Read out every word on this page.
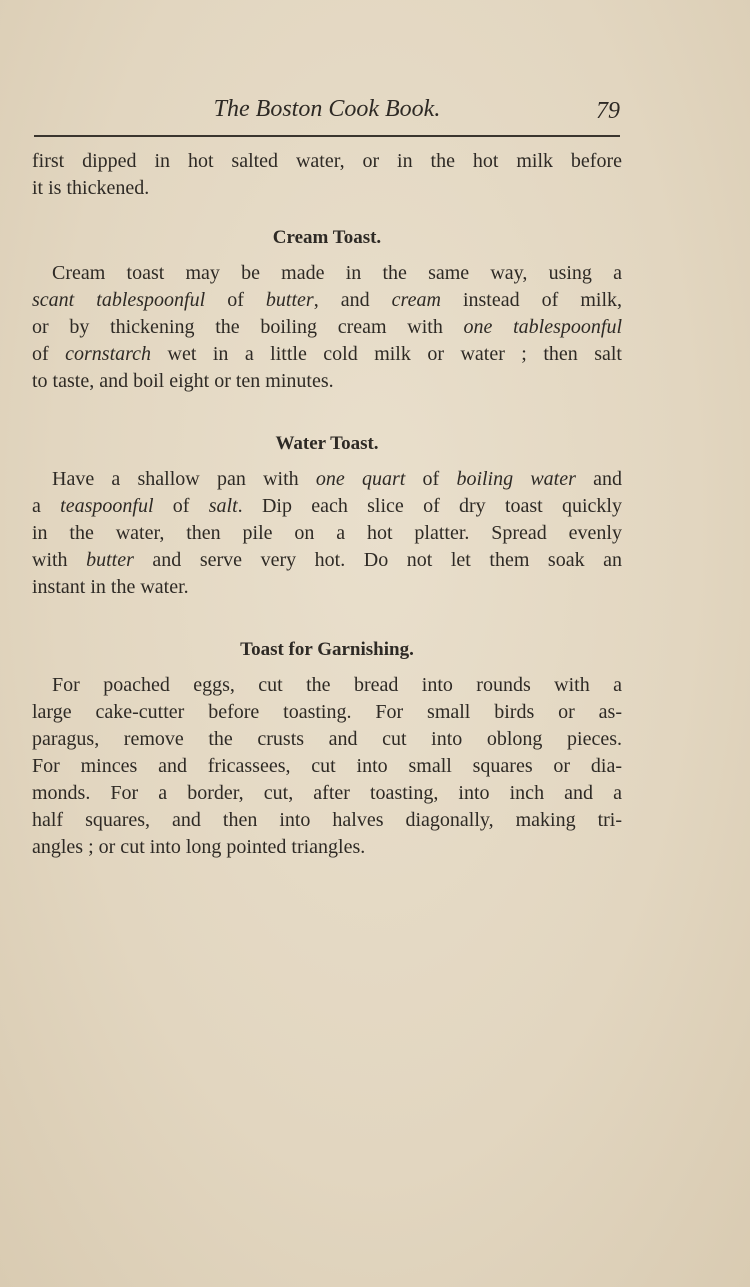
The Boston Cook Book.	79
first dipped in hot salted water, or in the hot milk before
it is thickened.
Cream Toast.
Cream toast may be made in the same way, using a
scant tablespoonful of butter, and cream instead of milk,
or by thickening the boiling cream with one tablespoonful
of cornstarch wet in a little cold milk or water ; then salt
to taste, and boil eight or ten minutes.
Water Toast.
Have a shallow pan with one quart of boiling water and
a teaspoonful of salt. Dip each slice of dry toast quickly
in the water, then pile on a hot platter. Spread evenly
with butter and serve very hot. Do not let them soak an
instant in the water.
Toast for Garnishing.
For poached eggs, cut the bread into rounds with a
large cake-cutter before toasting. For small birds or as-
paragus, remove the crusts and cut into oblong pieces.
For minces and fricassees, cut into small squares or dia-
monds. For a border, cut, after toasting, into inch and a
half squares, and then into halves diagonally, making tri-
angles ; or cut into long pointed triangles.
